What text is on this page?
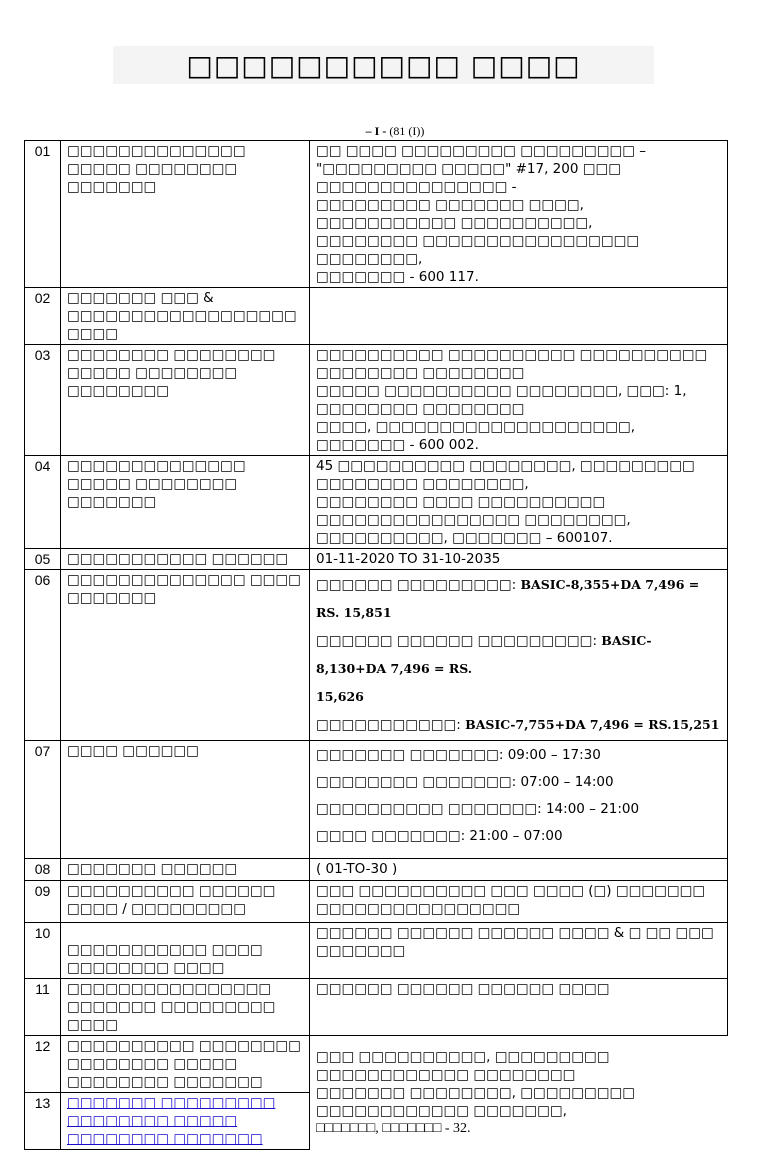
□□□□□□□□□□ □□□□
– I - (81 (I))
01	□□□□□□□□□□□□□□ □□□□□ □□□□□□□□ □□□□□□□	□□ □□□□ □□□□□□□□□ □□□□□□□□□ –
"□□□□□□□□□ □□□□□" #17, 200 □□□ □□□□□□□□□□□□□□□ -
□□□□□□□□□ □□□□□□□ □□□□, □□□□□□□□□□□ □□□□□□□□□□,
□□□□□□□□ □□□□□□□□□□□□□□□□□ □□□□□□□□,
□□□□□□□ - 600 117.

02	□□□□□□□ □□□ & □□□□□□□□□□□□□□□□□□ □□□□	
03	□□□□□□□□ □□□□□□□□ □□□□□ □□□□□□□□ □□□□□□□□	□□□□□□□□□□ □□□□□□□□□□ □□□□□□□□□□ □□□□□□□□ □□□□□□□□
□□□□□ □□□□□□□□□□ □□□□□□□□, □□□: 1, □□□□□□□□ □□□□□□□□
□□□□, □□□□□□□□□□□□□□□□□□□□,
□□□□□□□ - 600 002.

04	□□□□□□□□□□□□□□ □□□□□ □□□□□□□□ □□□□□□□	45 □□□□□□□□□□ □□□□□□□□, □□□□□□□□□ □□□□□□□□ □□□□□□□□,
□□□□□□□□ □□□□ □□□□□□□□□□ □□□□□□□□□□□□□□□□ □□□□□□□□,
□□□□□□□□□□, □□□□□□□ – 600107.

05	□□□□□□□□□□□ □□□□□□	01-11-2020 TO 31-10-2035
06	□□□□□□□□□□□□□□ □□□□ □□□□□□□	□□□□□□ □□□□□□□□□: BASIC-8,355+DA 7,496 = RS. 15,851
□□□□□□ □□□□□□ □□□□□□□□□: BASIC-8,130+DA 7,496 = RS.
15,626
□□□□□□□□□□□: BASIC-7,755+DA 7,496 = RS.15,251

07	□□□□ □□□□□□	□□□□□□□ □□□□□□□: 09:00 – 17:30
□□□□□□□□ □□□□□□□: 07:00 – 14:00
□□□□□□□□□□ □□□□□□□: 14:00 – 21:00
□□□□ □□□□□□□: 21:00 – 07:00

08	□□□□□□□ □□□□□□	( 01-TO-30 )
09	□□□□□□□□□□ □□□□□□ □□□□ / □□□□□□□□□	□□□ □□□□□□□□□□ □□□ □□□□ (□) □□□□□□□ □□□□□□□□□□□□□□□□
10	□□□□□□□□□□□ □□□□ □□□□□□□□ □□□□	□□□□□□ □□□□□□ □□□□□□ □□□□ & □ □□ □□□ □□□□□□□
11	□□□□□□□□□□□□□□□□ □□□□□□□ □□□□□□□□□ □□□□	□□□□□□ □□□□□□ □□□□□□ □□□□
12	□□□□□□□□□□ □□□□□□□□ □□□□□□□□ □□□□□ □□□□□□□□ □□□□□□□	□□□ □□□□□□□□□□, □□□□□□□□□ □□□□□□□□□□□□ □□□□□□□□
□□□□□□□ □□□□□□□□, □□□□□□□□□ □□□□□□□□□□□□ □□□□□□□,
□□□□□□□, □□□□□□□ - 32.

13	□□□□□□□ □□□□□□□□□ □□□□□□□□ □□□□□ □□□□□□□□ □□□□□□□	
